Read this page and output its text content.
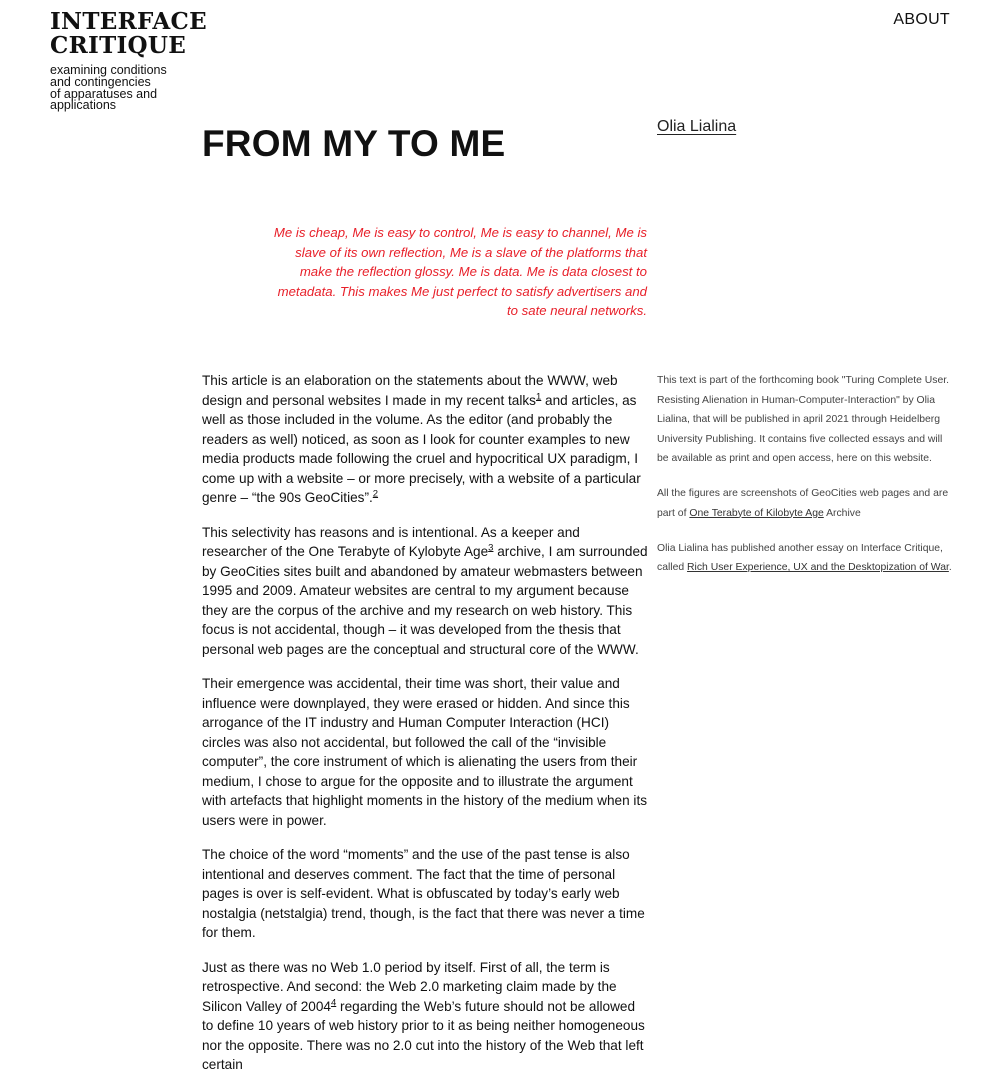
INTERFACE
CRITIQUE
examining conditions
and contingencies
of apparatuses and
applications
ABOUT
FROM MY TO ME	Olia Lialina

Me is cheap, Me is easy to control, Me is easy to channel, Me is slave of its own reflection, Me is a slave of the platforms that make the reflection glossy. Me is data. Me is data closest to metadata. This makes Me just perfect to satisfy advertisers and to sate neural networks.

This article is an elaboration on the statements about the WWW, web design and personal websites I made in my recent talks$^1$ and articles, as well as those included in the volume. As the editor (and probably the readers as well) noticed, as soon as I look for counter examples to new media products made following the cruel and hypocritical UX paradigm, I come up with a website – or more precisely, with a website of a particular genre – “the 90s GeoCities”.$^2$

This selectivity has reasons and is intentional. As a keeper and researcher of the One Terabyte of Kylobyte Age$^3$ archive, I am surrounded by GeoCities sites built and abandoned by amateur webmasters between 1995 and 2009. Amateur websites are central to my argument because they are the corpus of the archive and my research on web history. This focus is not accidental, though – it was developed from the thesis that personal web pages are the conceptual and structural core of the WWW.

Their emergence was accidental, their time was short, their value and influence were downplayed, they were erased or hidden. And since this arrogance of the IT industry and Human Computer Interaction (HCI) circles was also not accidental, but followed the call of the “invisible computer”, the core instrument of which is alienating the users from their medium, I chose to argue for the opposite and to illustrate the argument with artefacts that highlight moments in the history of the medium when its users were in power.

The choice of the word “moments” and the use of the past tense is also intentional and deserves comment. The fact that the time of personal pages is over is self-evident. What is obfuscated by today’s early web nostalgia (netstalgia) trend, though, is the fact that there was never a time for them.

Just as there was no Web 1.0 period by itself. First of all, the term is retrospective. And second: the Web 2.0 marketing claim made by the Silicon Valley of 2004$^4$ regarding the Web’s future should not be allowed to define 10 years of web history prior to it as being neither homogeneous nor the opposite. There was no 2.0 cut into the history of the Web that left certain

This text is part of the forthcoming book "Turing Complete User. Resisting Alienation in Human-Computer-Interaction" by Olia Lialina, that will be published in april 2021 through Heidelberg University Publishing. It contains five collected essays and will be available as print and open access, here on this website.

All the figures are screenshots of GeoCities web pages and are part of One Terabyte of Kilobyte Age Archive

Olia Lialina has published another essay on Interface Critique, called Rich User Experience, UX and the Desktopization of War.
